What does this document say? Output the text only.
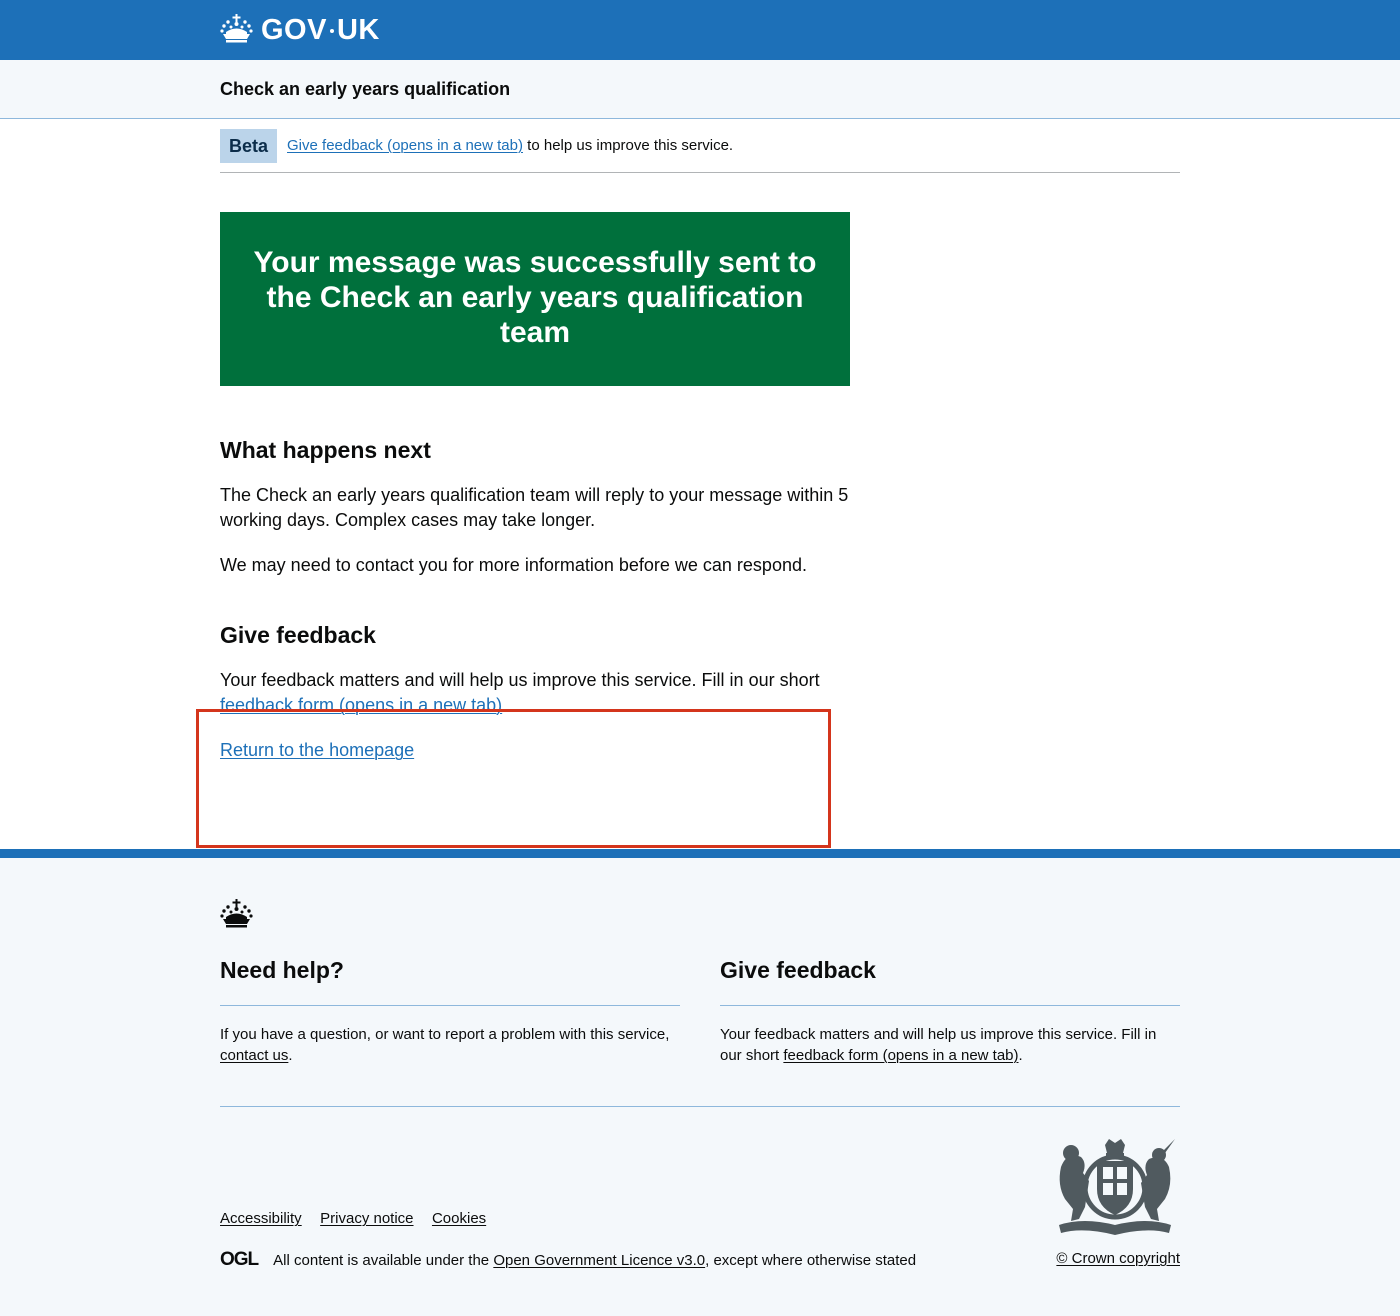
GOV UK
Check an early years qualification
Beta	Give feedback (opens in a new tab) to help us improve this service.
Your message was successfully sent to the Check an early years qualification team
What happens next

The Check an early years qualification team will reply to your message within 5 working days. Complex cases may take longer.

We may need to contact you for more information before we can respond.

Give feedback

Your feedback matters and will help us improve this service. Fill in our short feedback form (opens in a new tab).

Return to the homepage

Need help?

If you have a question, or want to report a problem with this service, contact us.

Give feedback

Your feedback matters and will help us improve this service. Fill in our short feedback form (opens in a new tab).

Accessibility Privacy notice Cookies
OGL All content is available under the
Open Government Licence v3.0 , except where otherwise stated	© Crown copyright
